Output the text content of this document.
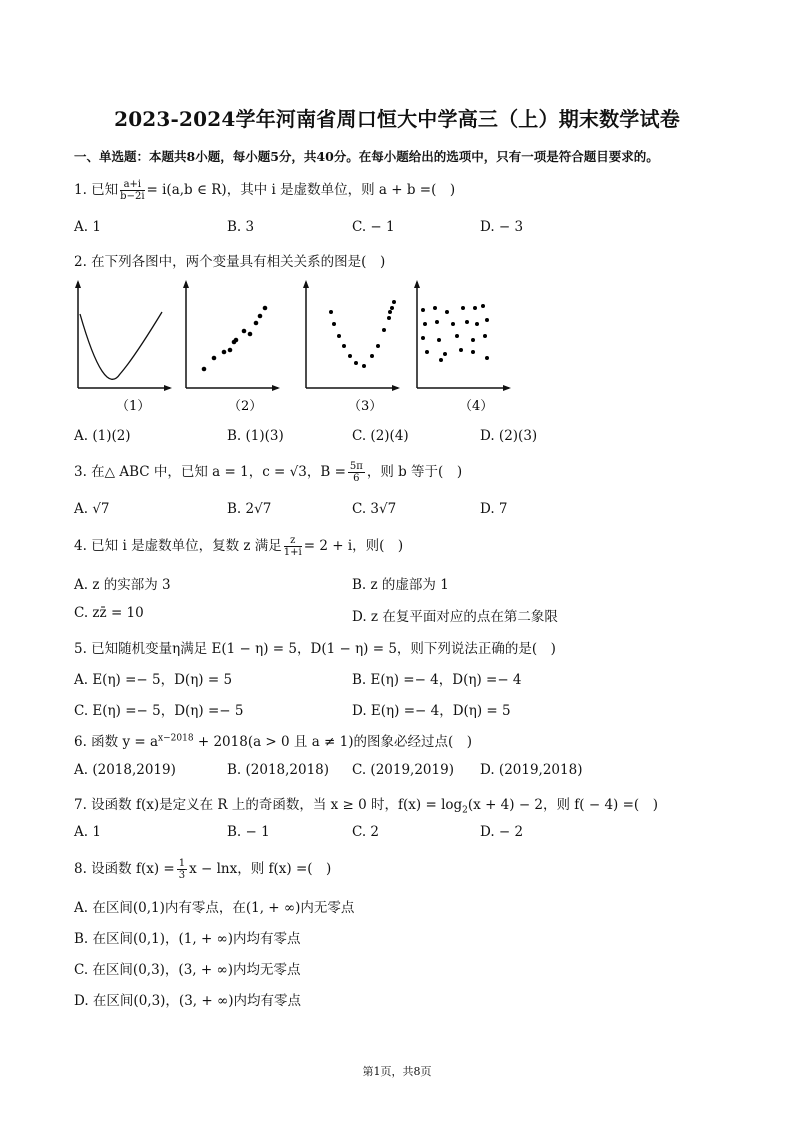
2023-2024学年河南省周口恒大中学高三（上）期末数学试卷
一、单选题：本题共8小题，每小题5分，共40分。在每小题给出的选项中，只有一项是符合题目要求的。
1. 已知 $\frac{a+i}{b-2i} = i(a,b$ ∈ R)，其中 i 是虚数单位，则 a + b =(　)
A. 1	B. 3	C. − 1	D. − 3
2. 在下列各图中，两个变量具有相关关系的图是(　)
（1）	（2）	（3）	（4）
A. (1)(2)	B. (1)(3)	C. (2)(4)	D. (2)(3)
3. 在△ ABC 中，已知 a = 1，c = √3，$B = \frac{5\pi}{6}$ ，则 b 等于(　)
A. √7	B. 2√7	C. 3√7	D. 7
4. 已知 i 是虚数单位，复数 z 满足 $\frac{z}{1+i} = 2 + i$，则(　)
A. z 的实部为 3	B. z 的虚部为 1
C. zz̄ = 10	D. z 在复平面对应的点在第二象限
5. 已知随机变量η满足 E(1 − η) = 5，D(1 − η) = 5，则下列说法正确的是(　)
A. E(η) =− 5，D(η) = 5	B. E(η) =− 4，D(η) =− 4
C. E(η) =− 5，D(η) =− 5	D. E(η) =− 4，D(η) = 5
6. 函数 $y = a^{x-2018} + 2018(a > 0$ 且 a ≠ 1)的图象必经过点(　)
A. (2018,2019)	B. (2018,2018) C. (2019,2019) D. (2019,2018)
7. 设函数 f(x)是定义在 R 上的奇函数，当 x ≥ 0 时，$f(x) = \log_2(x + 4) - 2$，则 f( − 4) =(　)
A. 1	B. − 1	C. 2	D. − 2
8. 设函数 $f(x) = \frac{1}{3}$ x − lnx，则 f(x) =(　)
A. 在区间(0,1)内有零点，在(1, + ∞)内无零点
B. 在区间(0,1)，(1, + ∞)内均有零点
C. 在区间(0,3)，(3, + ∞)内均无零点
D. 在区间(0,3)，(3, + ∞)内均有零点
第1页，共8页
